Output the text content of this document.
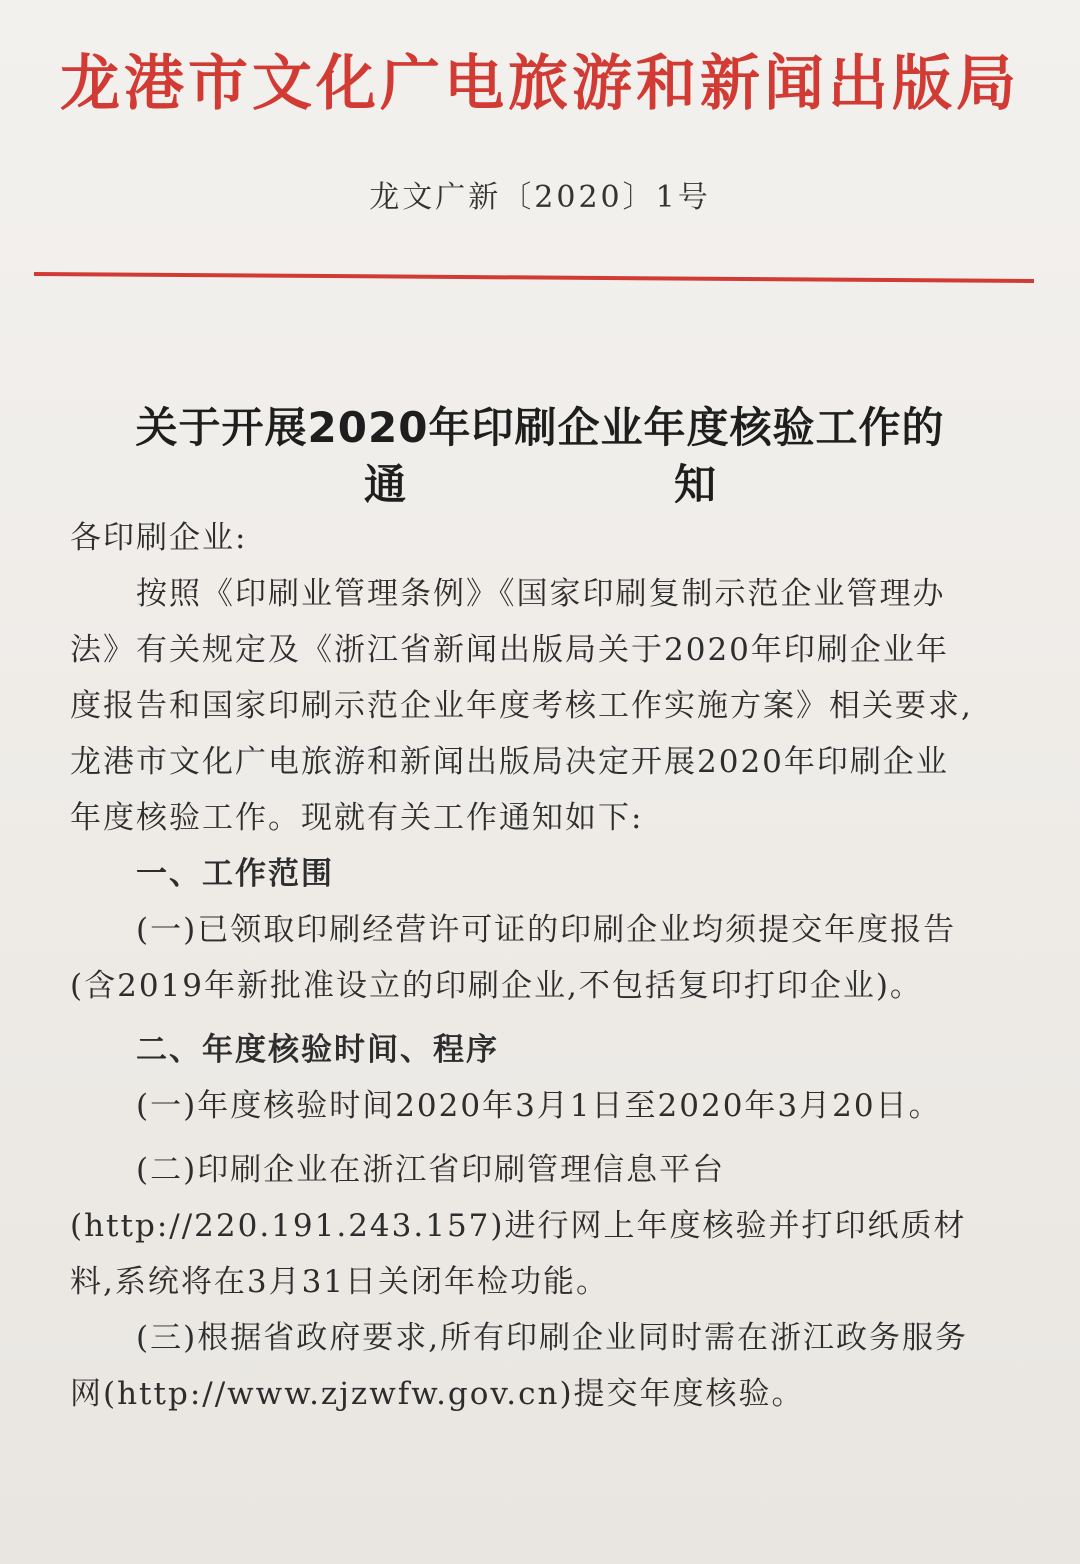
龙港市文化广电旅游和新闻出版局
龙文广新〔2020〕1号
关于开展2020年印刷企业年度核验工作的
通知

各印刷企业:

按照《印刷业管理条例》《国家印刷复制示范企业管理办法》有关规定及《浙江省新闻出版局关于2020年印刷企业年度报告和国家印刷示范企业年度考核工作实施方案》相关要求,龙港市文化广电旅游和新闻出版局决定开展2020年印刷企业年度核验工作。现就有关工作通知如下:

一、工作范围

(一)已领取印刷经营许可证的印刷企业均须提交年度报告(含2019年新批准设立的印刷企业,不包括复印打印企业)。

二、年度核验时间、程序

(一)年度核验时间2020年3月1日至2020年3月20日。

(二)印刷企业在浙江省印刷管理信息平台(http://220.191.243.157)进行网上年度核验并打印纸质材料,系统将在3月31日关闭年检功能。

(三)根据省政府要求,所有印刷企业同时需在浙江政务服务网(http://www.zjzwfw.gov.cn)提交年度核验。
